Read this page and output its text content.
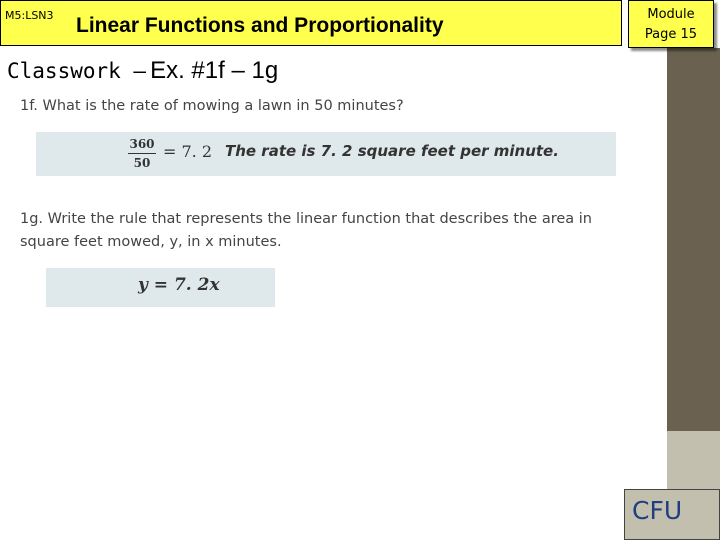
M5:LSN3 Linear Functions and Proportionality	Module
Page 15
Classwork – Ex. #1f – 1g
1f. What is the rate of mowing a lawn in 50 minutes?
360
50
= 7. 2 The rate is 7. 2 square feet per minute.
1g. Write the rule that represents the linear function that describes the area in
square feet mowed, y, in x minutes.
y = 7. 2x
CFU
